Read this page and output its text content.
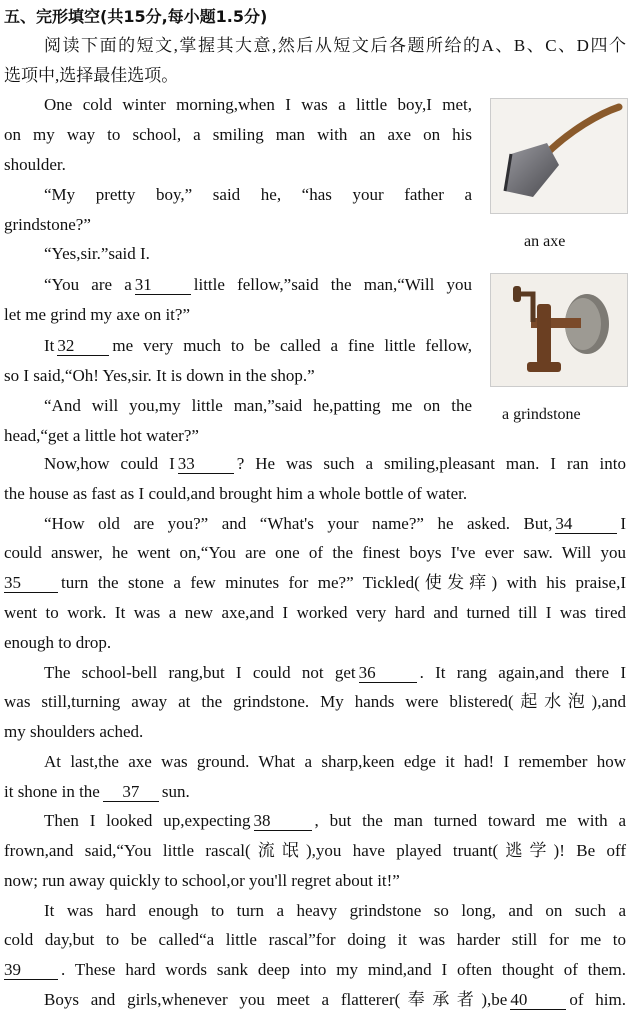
五、完形填空(共15分,每小题1.5分)
阅读下面的短文,掌握其大意,然后从短文后各题所给的A、B、C、D四个
选项中,选择最佳选项。
an axe
a grindstone
One cold winter morning,when I was a little boy,I met,
on my way to school, a smiling man with an axe on his
shoulder.
“My pretty boy,” said he, “has your father a
grindstone?”
“Yes,sir.”said I.
“You are a 31 little fellow,”said the man,“Will you
let me grind my axe on it?”
It 32 me very much to be called a fine little fellow,
so I said,“Oh! Yes,sir. It is down in the shop.”
“And will you,my little man,”said he,patting me on the
head,“get a little hot water?”
Now,how could I 33 ? He was such a smiling,pleasant man. I ran into
the house as fast as I could,and brought him a whole bottle of water.
“How old are you?” and “What's your name?” he asked. But, 34	I
could answer, he went on,“You are one of the finest boys I've ever saw. Will you
35 turn the stone a few minutes for me?” Tickled(使发痒) with his praise,I
went to work. It was a new axe,and I worked very hard and turned till I was tired
enough to drop.
The school-bell rang,but I could not get 36	. It rang again,and there I
was still,turning away at the grindstone. My hands were blistered(起水泡),and
my shoulders ached.
At last,the axe was ground. What a sharp,keen edge it had! I remember how
it shone in the 37 sun.
Then I looked up,expecting 38	, but the man turned toward me with a
frown,and said,“You little rascal(流氓),you have played truant(逃学)! Be off
now; run away quickly to school,or you'll regret about it!”
It was hard enough to turn a heavy grindstone so long, and on such a
cold day,but to be called“a little rascal”for doing it was harder still for me to
39 . These hard words sank deep into my mind,and I often thought of them.
Boys and girls,whenever you meet a flatterer(奉承者),be 40 of him.
